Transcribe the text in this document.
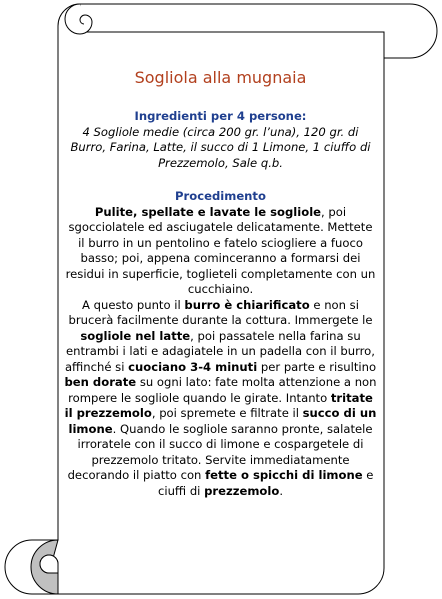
Sogliola alla mugnaia
Ingredienti per 4 persone:
4 Sogliole medie (circa 200 gr. l’una), 120 gr. di Burro, Farina, Latte, il succo di 1 Limone, 1 ciuffo di Prezzemolo, Sale q.b.
Procedimento

Pulite, spellate e lavate le sogliole, poi sgocciolatele ed asciugatele delicatamente. Mettete il burro in un pentolino e fatelo sciogliere a fuoco basso; poi, appena cominceranno a formarsi dei residui in superficie, toglieteli completamente con un cucchiaino.

A questo punto il burro è chiarificato e non si brucerà facilmente durante la cottura. Immergete le sogliole nel latte, poi passatele nella farina su entrambi i lati e adagiatele in un padella con il burro, affinché si cuociano 3-4 minuti per parte e risultino ben dorate su ogni lato: fate molta attenzione a non rompere le sogliole quando le girate. Intanto tritate il prezzemolo, poi spremete e filtrate il succo di un limone. Quando le sogliole saranno pronte, salatele irroratele con il succo di limone e cospargetele di prezzemolo tritato. Servite immediatamente decorando il piatto con fette o spicchi di limone e ciuffi di prezzemolo.
